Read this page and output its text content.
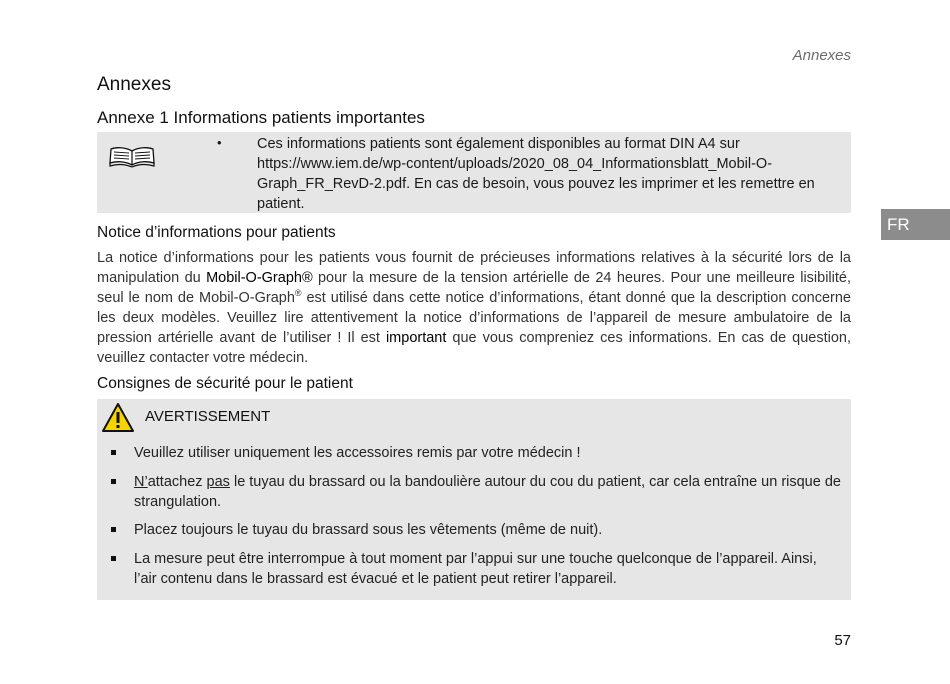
Annexes
Annexes
Annexe 1 Informations patients importantes
• Ces informations patients sont également disponibles au format DIN A4 sur https://www.iem.de/wp-content/uploads/2020_08_04_Informationsblatt_Mobil-O-Graph_FR_RevD-2.pdf. En cas de besoin, vous pouvez les imprimer et les remettre en patient.
Notice d’informations pour patients
La notice d’informations pour les patients vous fournit de précieuses informations relatives à la sécurité lors de la manipulation du Mobil-O-Graph® pour la mesure de la tension artérielle de 24 heures. Pour une meilleure lisibilité, seul le nom de Mobil-O-Graph® est utilisé dans cette notice d’informations, étant donné que la description concerne les deux modèles. Veuillez lire attentivement la notice d’informations de l’appareil de mesure ambulatoire de la pression artérielle avant de l’utiliser ! Il est important que vous compreniez ces informations. En cas de question, veuillez contacter votre médecin.
Consignes de sécurité pour le patient
AVERTISSEMENT
Veuillez utiliser uniquement les accessoires remis par votre médecin !
N’attachez pas le tuyau du brassard ou la bandoulière autour du cou du patient, car cela entraîne un risque de strangulation.
Placez toujours le tuyau du brassard sous les vêtements (même de nuit).
La mesure peut être interrompue à tout moment par l’appui sur une touche quelconque de l’appareil. Ainsi, l’air contenu dans le brassard est évacué et le patient peut retirer l’appareil.
FR
57
